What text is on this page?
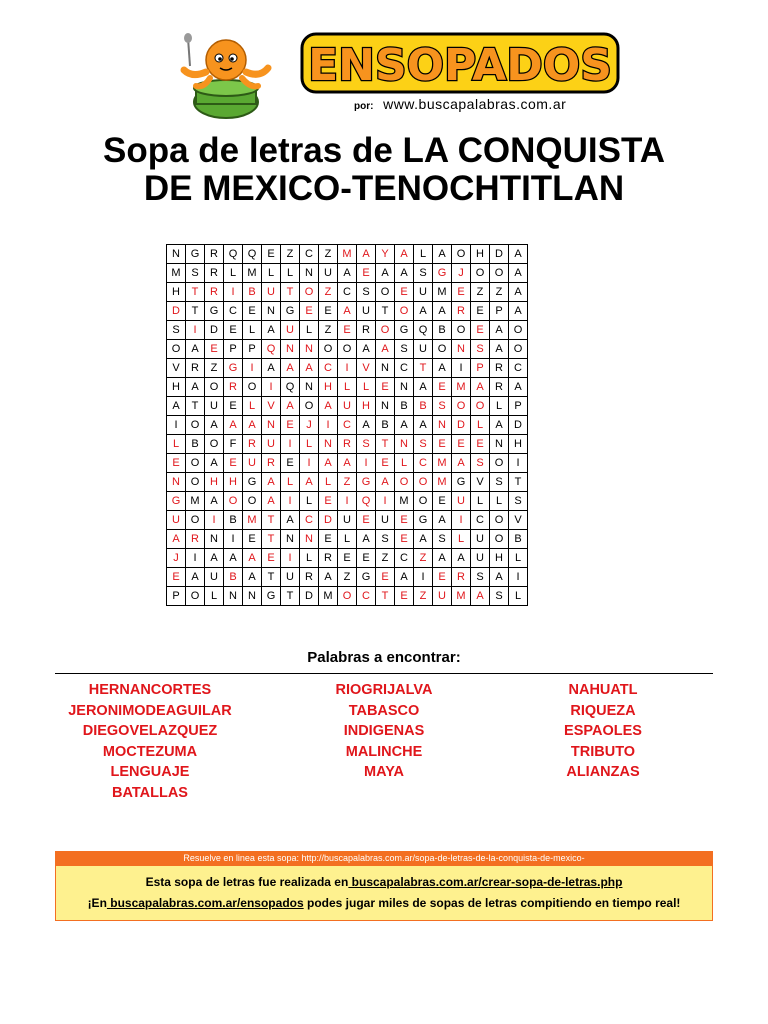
ENSOPADOS
por: www.buscapalabras.com.ar
Sopa de letras de LA CONQUISTA
DE MEXICO-TENOCHTITLAN
N	G	R	Q	Q	E	Z	C	Z	M	A	Y	A	L	A	O	H	D	A
M	S	R	L	M	L	L	N	U	A	E	A	A	S	G	J	O	O	A
H	T	R	I	B	U	T	O	Z	C	S	O	E	U	M	E	Z	Z	A
D	T	G	C	E	N	G	E	E	A	U	T	O	A	A	R	E	P	A
S	I	D	E	L	A	U	L	Z	E	R	O	G	Q	B	O	E	A	O
O	A	E	P	P	Q	N	N	O	O	A	A	S	U	O	N	S	A	O
V	R	Z	G	I	A	A	A	C	I	V	N	C	T	A	I	P	R	C
H	A	O	R	O	I	Q	N	H	L	L	E	N	A	E	M	A	R	A
A	T	U	E	L	V	A	O	A	U	H	N	B	B	S	O	O	L	P
I	O	A	A	A	N	E	J	I	C	A	B	A	A	N	D	L	A	D
L	B	O	F	R	U	I	L	N	R	S	T	N	S	E	E	E	N	H
E	O	A	E	U	R	E	I	A	A	I	E	L	C	M	A	S	O	I
N	O	H	H	G	A	L	A	L	Z	G	A	O	O	M	G	V	S	T
G	M	A	O	O	A	I	L	E	I	Q	I	M	O	E	U	L	L	S
U	O	I	B	M	T	A	C	D	U	E	U	E	G	A	I	C	O	V
A	R	N	I	E	T	N	N	E	L	A	S	E	A	S	L	U	O	B
J	I	A	A	A	E	I	L	R	E	E	Z	C	Z	A	A	U	H	L
E	A	U	B	A	T	U	R	A	Z	G	E	A	I	E	R	S	A	I
P	O	L	N	N	G	T	D	M	O	C	T	E	Z	U	M	A	S	L
Palabras a encontrar:
HERNANCORTES
JERONIMODEAGUILAR
DIEGOVELAZQUEZ
MOCTEZUMA
LENGUAJE
BATALLAS
RIOGRIJALVA
TABASCO
INDIGENAS
MALINCHE
MAYA
NAHUATL
RIQUEZA
ESPAOLES
TRIBUTO
ALIANZAS
Resuelve en linea esta sopa: http://buscapalabras.com.ar/sopa-de-letras-de-la-conquista-de-mexico-

Esta sopa de letras fue realizada en buscapalabras.com.ar/crear-sopa-de-letras.php

¡En buscapalabras.com.ar/ensopados podes jugar miles de sopas de letras compitiendo en tiempo real!
